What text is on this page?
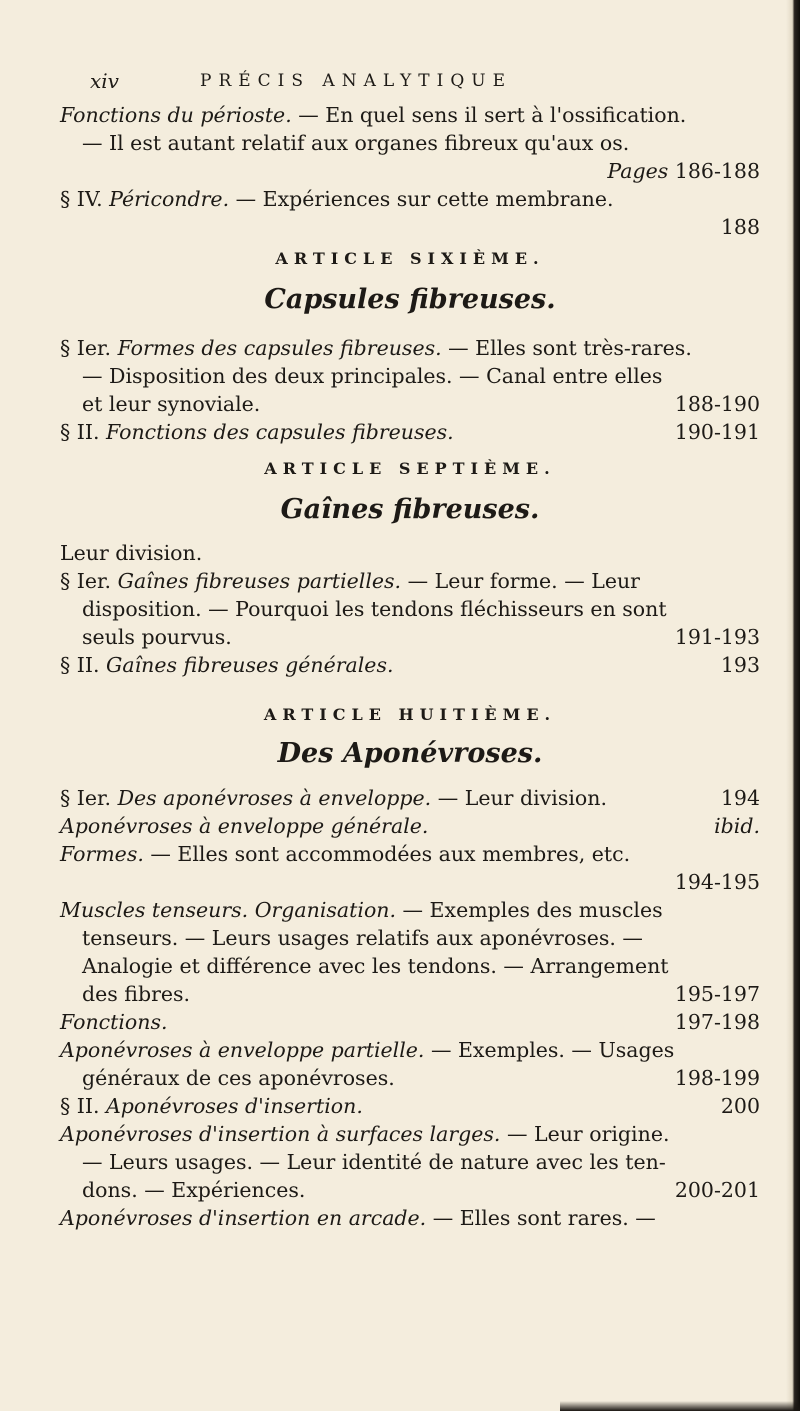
xiv	PRÉCIS ANALYTIQUE
Fonctions du périoste. — En quel sens il sert à l'ossification.
— Il est autant relatif aux organes fibreux qu'aux os.
Pages 186-188
§ IV. Péricondre. — Expériences sur cette membrane.
188
ARTICLE SIXIÈME.
Capsules fibreuses.
§ Ier. Formes des capsules fibreuses. — Elles sont très-rares.
— Disposition des deux principales. — Canal entre elles
et leur synoviale.	188-190
§ II. Fonctions des capsules fibreuses.	190-191
ARTICLE SEPTIÈME.
Gaînes fibreuses.
Leur division.
§ Ier. Gaînes fibreuses partielles. — Leur forme. — Leur
disposition. — Pourquoi les tendons fléchisseurs en sont
seuls pourvus.	191-193
§ II. Gaînes fibreuses générales.	193
ARTICLE HUITIÈME.
Des Aponévroses.
§ Ier. Des aponévroses à enveloppe. — Leur division.	194
Aponévroses à enveloppe générale.	ibid.
Formes. — Elles sont accommodées aux membres, etc.
194-195
Muscles tenseurs. Organisation. — Exemples des muscles
tenseurs. — Leurs usages relatifs aux aponévroses. —
Analogie et différence avec les tendons. — Arrangement
des fibres.	195-197
Fonctions.	197-198
Aponévroses à enveloppe partielle. — Exemples. — Usages
généraux de ces aponévroses.	198-199
§ II. Aponévroses d'insertion.	200
Aponévroses d'insertion à surfaces larges. — Leur origine.
— Leurs usages. — Leur identité de nature avec les ten-
dons. — Expériences.	200-201
Aponévroses d'insertion en arcade. — Elles sont rares. —
